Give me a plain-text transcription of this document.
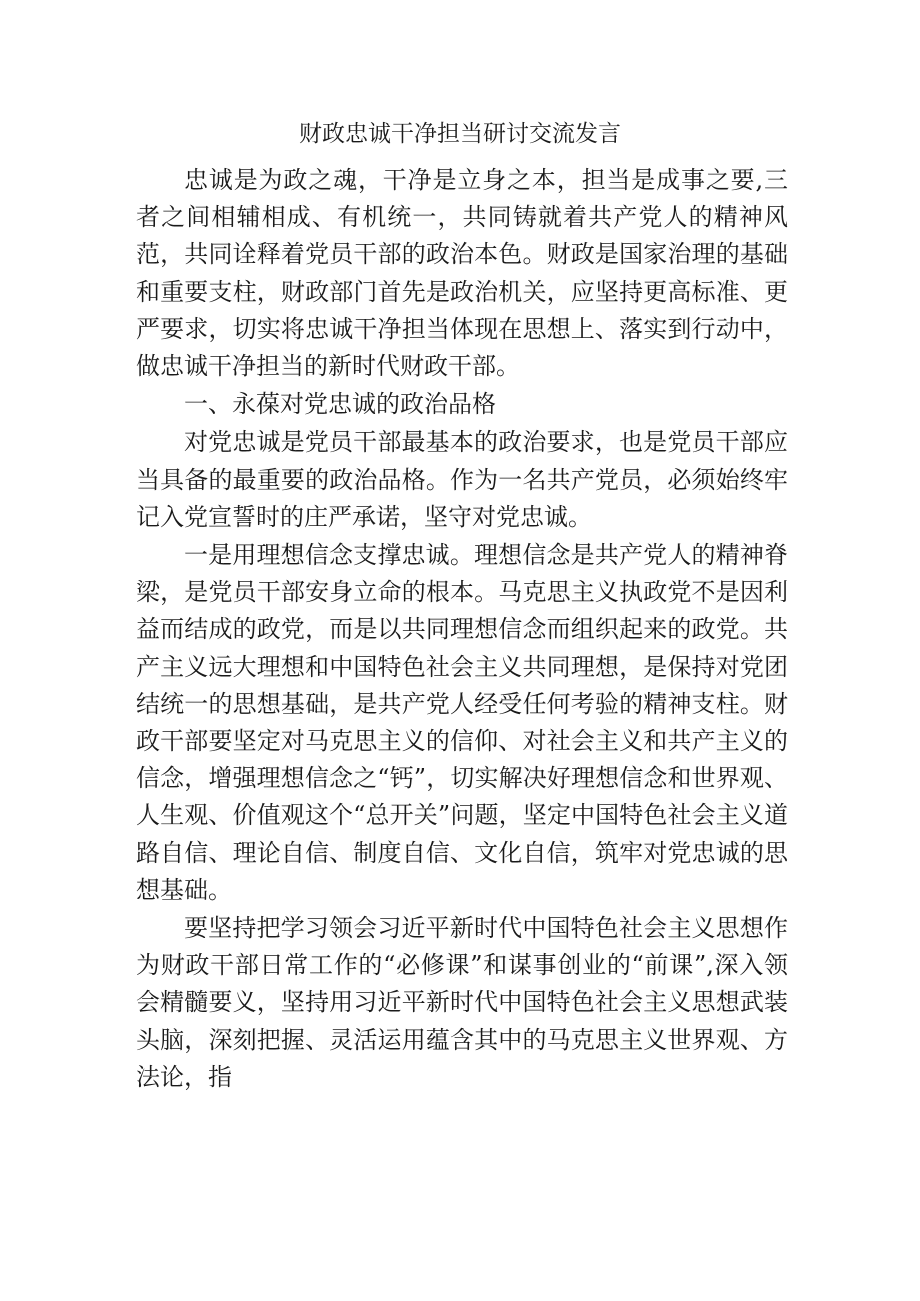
财政忠诚干净担当研讨交流发言

忠诚是为政之魂，干净是立身之本，担当是成事之要,三者之间相辅相成、有机统一，共同铸就着共产党人的精神风范，共同诠释着党员干部的政治本色。财政是国家治理的基础和重要支柱，财政部门首先是政治机关，应坚持更高标准、更严要求，切实将忠诚干净担当体现在思想上、落实到行动中，做忠诚干净担当的新时代财政干部。

一、永葆对党忠诚的政治品格

对党忠诚是党员干部最基本的政治要求，也是党员干部应当具备的最重要的政治品格。作为一名共产党员，必须始终牢记入党宣誓时的庄严承诺，坚守对党忠诚。

一是用理想信念支撑忠诚。理想信念是共产党人的精神脊梁，是党员干部安身立命的根本。马克思主义执政党不是因利益而结成的政党，而是以共同理想信念而组织起来的政党。共产主义远大理想和中国特色社会主义共同理想，是保持对党团结统一的思想基础，是共产党人经受任何考验的精神支柱。财政干部要坚定对马克思主义的信仰、对社会主义和共产主义的信念，增强理想信念之“钙”，切实解决好理想信念和世界观、人生观、价值观这个“总开关”问题，坚定中国特色社会主义道路自信、理论自信、制度自信、文化自信，筑牢对党忠诚的思想基础。

要坚持把学习领会习近平新时代中国特色社会主义思想作为财政干部日常工作的“必修课”和谋事创业的“前课”,深入领会精髓要义，坚持用习近平新时代中国特色社会主义思想武装头脑，深刻把握、灵活运用蕴含其中的马克思主义世界观、方法论，指
